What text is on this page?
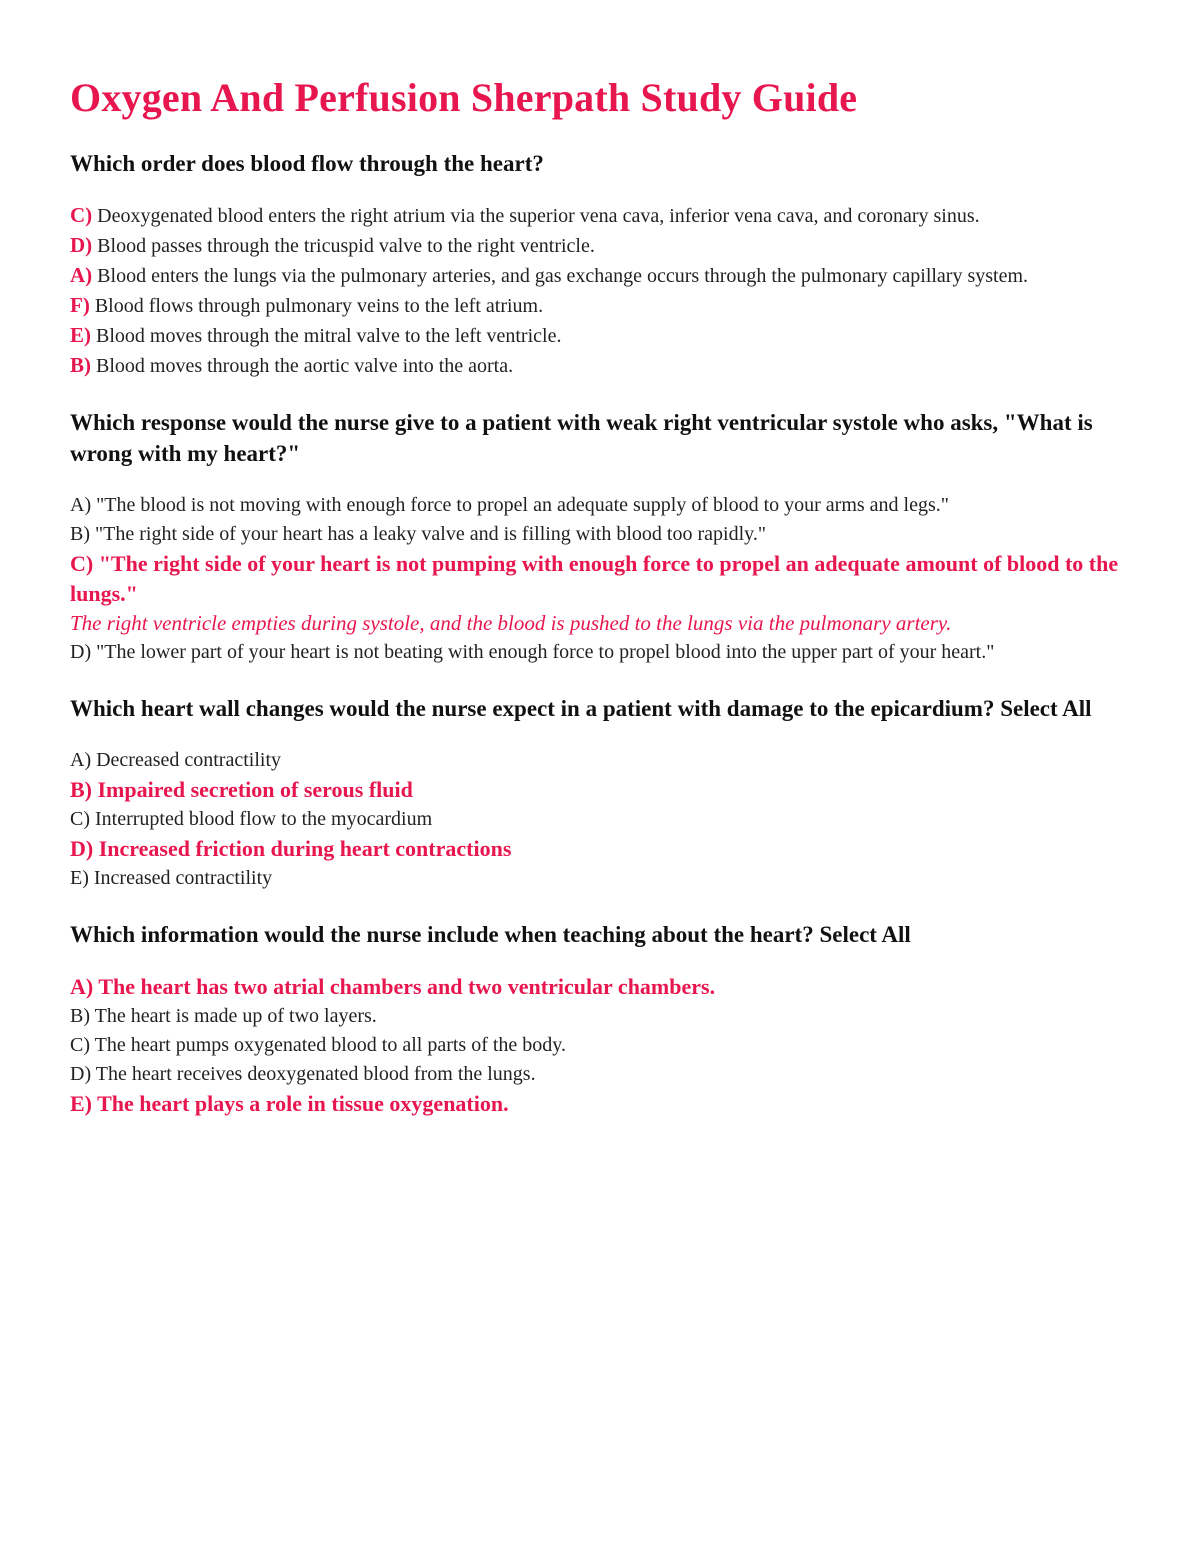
Oxygen And Perfusion Sherpath Study Guide
Which order does blood flow through the heart?
C) Deoxygenated blood enters the right atrium via the superior vena cava, inferior vena cava, and coronary sinus.
D) Blood passes through the tricuspid valve to the right ventricle.
A) Blood enters the lungs via the pulmonary arteries, and gas exchange occurs through the pulmonary capillary system.
F) Blood flows through pulmonary veins to the left atrium.
E) Blood moves through the mitral valve to the left ventricle.
B) Blood moves through the aortic valve into the aorta.
Which response would the nurse give to a patient with weak right ventricular systole who asks, "What is wrong with my heart?"
A) "The blood is not moving with enough force to propel an adequate supply of blood to your arms and legs."
B) "The right side of your heart has a leaky valve and is filling with blood too rapidly."
C) "The right side of your heart is not pumping with enough force to propel an adequate amount of blood to the lungs."
The right ventricle empties during systole, and the blood is pushed to the lungs via the pulmonary artery.
D) "The lower part of your heart is not beating with enough force to propel blood into the upper part of your heart."
Which heart wall changes would the nurse expect in a patient with damage to the epicardium? Select All
A) Decreased contractility
B) Impaired secretion of serous fluid
C) Interrupted blood flow to the myocardium
D) Increased friction during heart contractions
E) Increased contractility
Which information would the nurse include when teaching about the heart? Select All
A) The heart has two atrial chambers and two ventricular chambers.
B) The heart is made up of two layers.
C) The heart pumps oxygenated blood to all parts of the body.
D) The heart receives deoxygenated blood from the lungs.
E) The heart plays a role in tissue oxygenation.
